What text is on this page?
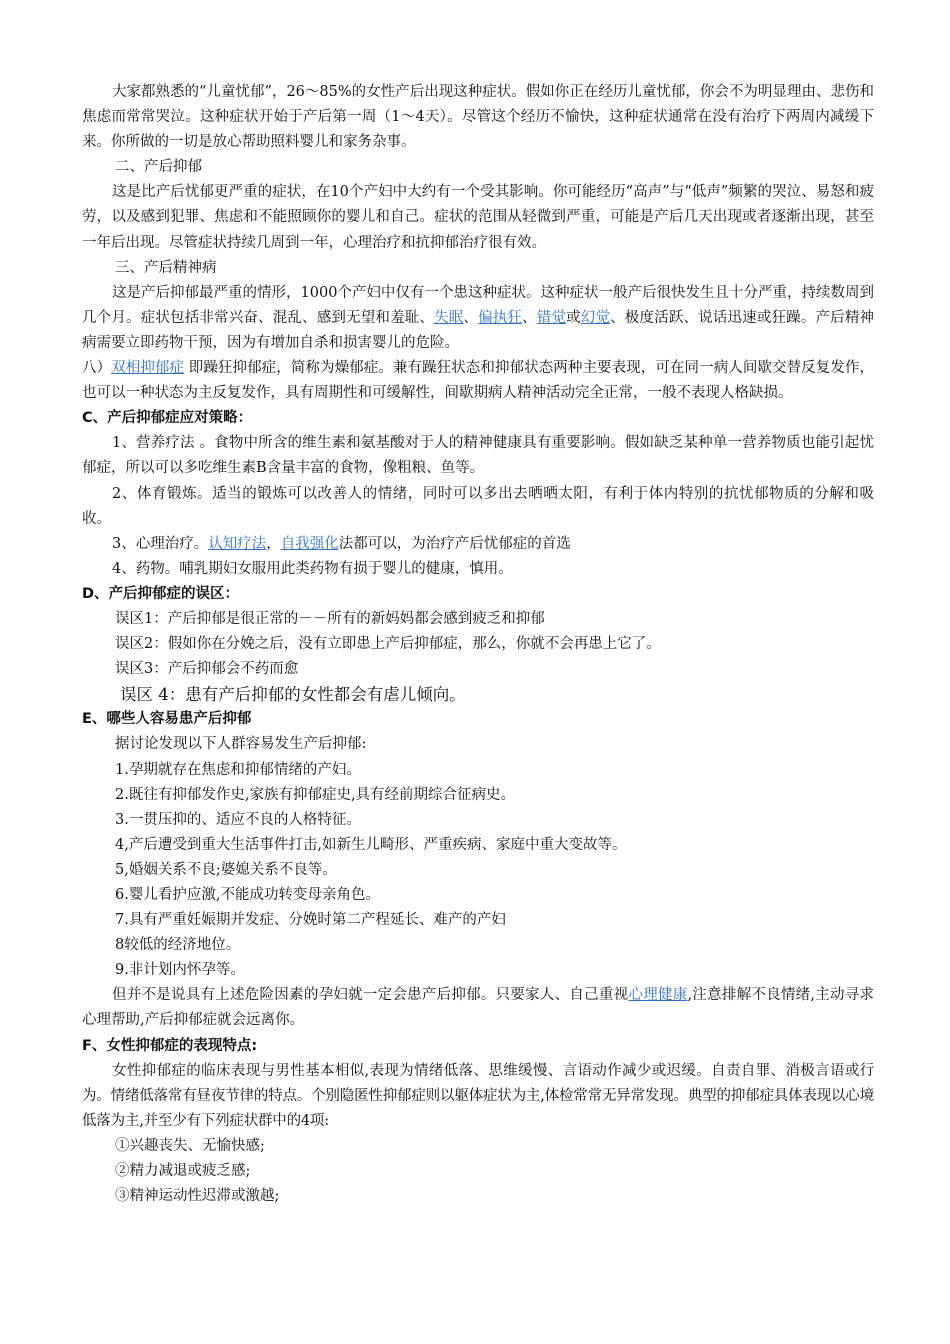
大家都熟悉的“儿童忧郁”，26～85%的女性产后出现这种症状。假如你正在经历儿童忧郁，你会不为明显理由、悲伤和焦虑而常常哭泣。这种症状开始于产后第一周（1～4天）。尽管这个经历不愉快，这种症状通常在没有治疗下两周内减缓下来。你所做的一切是放心帮助照料婴儿和家务杂事。

二、产后抑郁

这是比产后忧郁更严重的症状，在10个产妇中大约有一个受其影响。你可能经历“高声”与“低声”频繁的哭泣、易怒和疲劳，以及感到犯罪、焦虑和不能照顾你的婴儿和自己。症状的范围从轻微到严重，可能是产后几天出现或者逐渐出现，甚至一年后出现。尽管症状持续几周到一年，心理治疗和抗抑郁治疗很有效。

三、产后精神病

这是产后抑郁最严重的情形，1000个产妇中仅有一个患这种症状。这种症状一般产后很快发生且十分严重，持续数周到几个月。症状包括非常兴奋、混乱、感到无望和羞耻、失眠、偏执狂、错觉或幻觉、极度活跃、说话迅速或狂躁。产后精神病需要立即药物干预，因为有增加自杀和损害婴儿的危险。

八）双相抑郁症 即躁狂抑郁症，简称为燥郁症。兼有躁狂状态和抑郁状态两种主要表现，可在同一病人间歇交替反复发作，也可以一种状态为主反复发作，具有周期性和可缓解性，间歇期病人精神活动完全正常，一般不表现人格缺损。

C、产后抑郁症应对策略：

1、营养疗法 。食物中所含的维生素和氨基酸对于人的精神健康具有重要影响。假如缺乏某种单一营养物质也能引起忧郁症，所以可以多吃维生素B含量丰富的食物，像粗粮、鱼等。

2、体育锻炼。适当的锻炼可以改善人的情绪，同时可以多出去晒晒太阳，有利于体内特别的抗忧郁物质的分解和吸收。

3、心理治疗。认知疗法，自我强化法都可以，为治疗产后忧郁症的首选

4、药物。哺乳期妇女服用此类药物有损于婴儿的健康，慎用。

D、产后抑郁症的误区：

误区1：产后抑郁是很正常的－－所有的新妈妈都会感到疲乏和抑郁

误区2：假如你在分娩之后，没有立即患上产后抑郁症，那么，你就不会再患上它了。

误区3：产后抑郁会不药而愈

误区 4：患有产后抑郁的女性都会有虐儿倾向。

E、哪些人容易患产后抑郁

据讨论发现以下人群容易发生产后抑郁:

1.孕期就存在焦虑和抑郁情绪的产妇。

2.既往有抑郁发作史,家族有抑郁症史,具有经前期综合征病史。

3.一贯压抑的、适应不良的人格特征。

4,产后遭受到重大生活事件打击,如新生儿畸形、严重疾病、家庭中重大变故等。

5,婚姻关系不良;婆媳关系不良等。

6.婴儿看护应激,不能成功转变母亲角色。

7.具有严重妊娠期并发症、分娩时第二产程延长、难产的产妇

8较低的经济地位。

9.非计划内怀孕等。

但并不是说具有上述危险因素的孕妇就一定会患产后抑郁。只要家人、自己重视心理健康,注意排解不良情绪,主动寻求心理帮助,产后抑郁症就会远离你。

F、女性抑郁症的表现特点:

女性抑郁症的临床表现与男性基本相似,表现为情绪低落、思维缓慢、言语动作减少或迟缓。自责自罪、消极言语或行为。情绪低落常有昼夜节律的特点。个别隐匿性抑郁症则以躯体症状为主,体检常常无异常发现。典型的抑郁症具体表现以心境低落为主,并至少有下列症状群中的4项:

①兴趣丧失、无愉快感;

②精力减退或疲乏感;

③精神运动性迟滞或激越;
